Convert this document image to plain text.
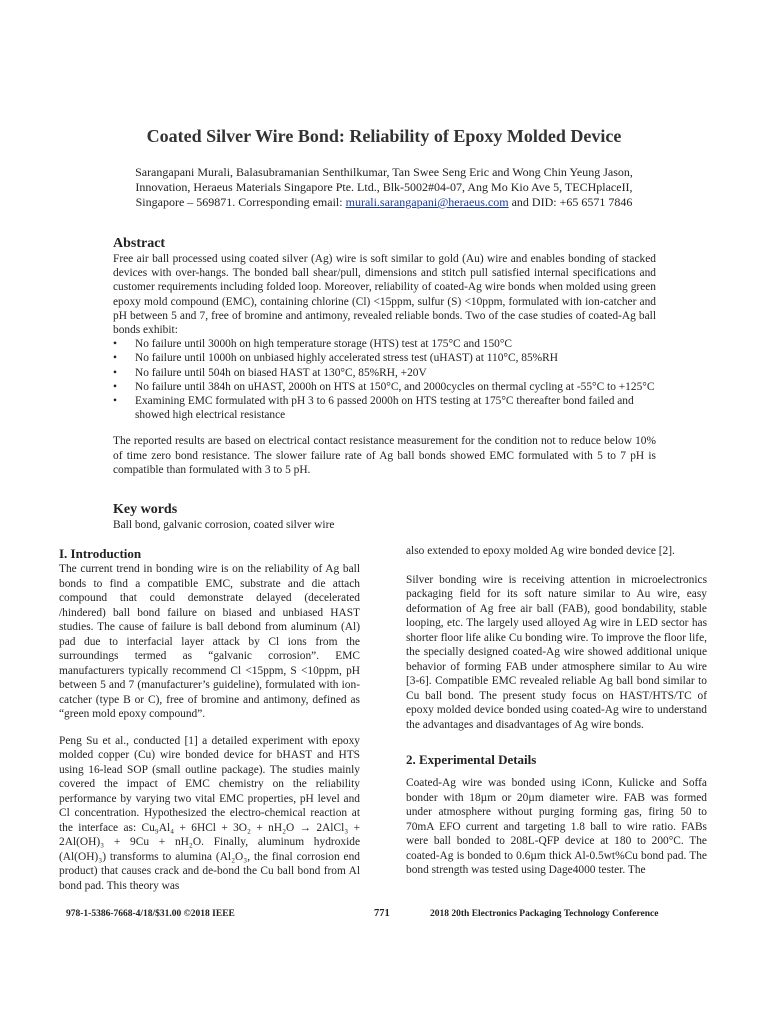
Coated Silver Wire Bond: Reliability of Epoxy Molded Device
Sarangapani Murali, Balasubramanian Senthilkumar, Tan Swee Seng Eric and Wong Chin Yeung Jason,
Innovation, Heraeus Materials Singapore Pte. Ltd., Blk-5002#04-07, Ang Mo Kio Ave 5, TECHplaceII,
Singapore – 569871. Corresponding email: murali.sarangapani@heraeus.com and DID: +65 6571 7846
Abstract
Free air ball processed using coated silver (Ag) wire is soft similar to gold (Au) wire and enables bonding of stacked devices with over-hangs. The bonded ball shear/pull, dimensions and stitch pull satisfied internal specifications and customer requirements including folded loop. Moreover, reliability of coated-Ag wire bonds when molded using green epoxy mold compound (EMC), containing chlorine (Cl) <15ppm, sulfur (S) <10ppm, formulated with ion-catcher and pH between 5 and 7, free of bromine and antimony, revealed reliable bonds. Two of the case studies of coated-Ag ball bonds exhibit:
• No failure until 3000h on high temperature storage (HTS) test at 175°C and 150°C
• No failure until 1000h on unbiased highly accelerated stress test (uHAST) at 110°C, 85%RH
• No failure until 504h on biased HAST at 130°C, 85%RH, +20V
• No failure until 384h on uHAST, 2000h on HTS at 150°C, and 2000cycles on thermal cycling at -55°C to +125°C
• Examining EMC formulated with pH 3 to 6 passed 2000h on HTS testing at 175°C thereafter bond failed and showed high electrical resistance
The reported results are based on electrical contact resistance measurement for the condition not to reduce below 10% of time zero bond resistance. The slower failure rate of Ag ball bonds showed EMC formulated with 5 to 7 pH is compatible than formulated with 3 to 5 pH.
Key words
Ball bond, galvanic corrosion, coated silver wire
I. Introduction
The current trend in bonding wire is on the reliability of Ag ball bonds to find a compatible EMC, substrate and die attach compound that could demonstrate delayed (decelerated /hindered) ball bond failure on biased and unbiased HAST studies. The cause of failure is ball debond from aluminum (Al) pad due to interfacial layer attack by Cl ions from the surroundings termed as “galvanic corrosion”. EMC manufacturers typically recommend Cl <15ppm, S <10ppm, pH between 5 and 7 (manufacturer’s guideline), formulated with ion-catcher (type B or C), free of bromine and antimony, defined as “green mold epoxy compound”.
Peng Su et al., conducted [1] a detailed experiment with epoxy molded copper (Cu) wire bonded device for bHAST and HTS using 16-lead SOP (small outline package). The studies mainly covered the impact of EMC chemistry on the reliability performance by varying two vital EMC properties, pH level and Cl concentration. Hypothesized the electro-chemical reaction at the interface as: Cu₉Al₄ + 6HCl + 3O₂ + nH₂O → 2AlCl₃ + 2Al(OH)₃ + 9Cu + nH₂O. Finally, aluminum hydroxide (Al(OH)₃) transforms to alumina (Al₂O₃, the final corrosion end product) that causes crack and de-bond the Cu ball bond from Al bond pad. This theory was
also extended to epoxy molded Ag wire bonded device [2].
Silver bonding wire is receiving attention in microelectronics packaging field for its soft nature similar to Au wire, easy deformation of Ag free air ball (FAB), good bondability, stable looping, etc. The largely used alloyed Ag wire in LED sector has shorter floor life alike Cu bonding wire. To improve the floor life, the specially designed coated-Ag wire showed additional unique behavior of forming FAB under atmosphere similar to Au wire [3-6]. Compatible EMC revealed reliable Ag ball bond similar to Cu ball bond. The present study focus on HAST/HTS/TC of epoxy molded device bonded using coated-Ag wire to understand the advantages and disadvantages of Ag wire bonds.
2. Experimental Details
Coated-Ag wire was bonded using iConn, Kulicke and Soffa bonder with 18µm or 20µm diameter wire. FAB was formed under atmosphere without purging forming gas, firing 50 to 70mA EFO current and targeting 1.8 ball to wire ratio. FABs were ball bonded to 208L-QFP device at 180 to 200°C. The coated-Ag is bonded to 0.6µm thick Al-0.5wt%Cu bond pad. The bond strength was tested using Dage4000 tester. The
978-1-5386-7668-4/18/$31.00 ©2018 IEEE	771	2018 20th Electronics Packaging Technology Conference
